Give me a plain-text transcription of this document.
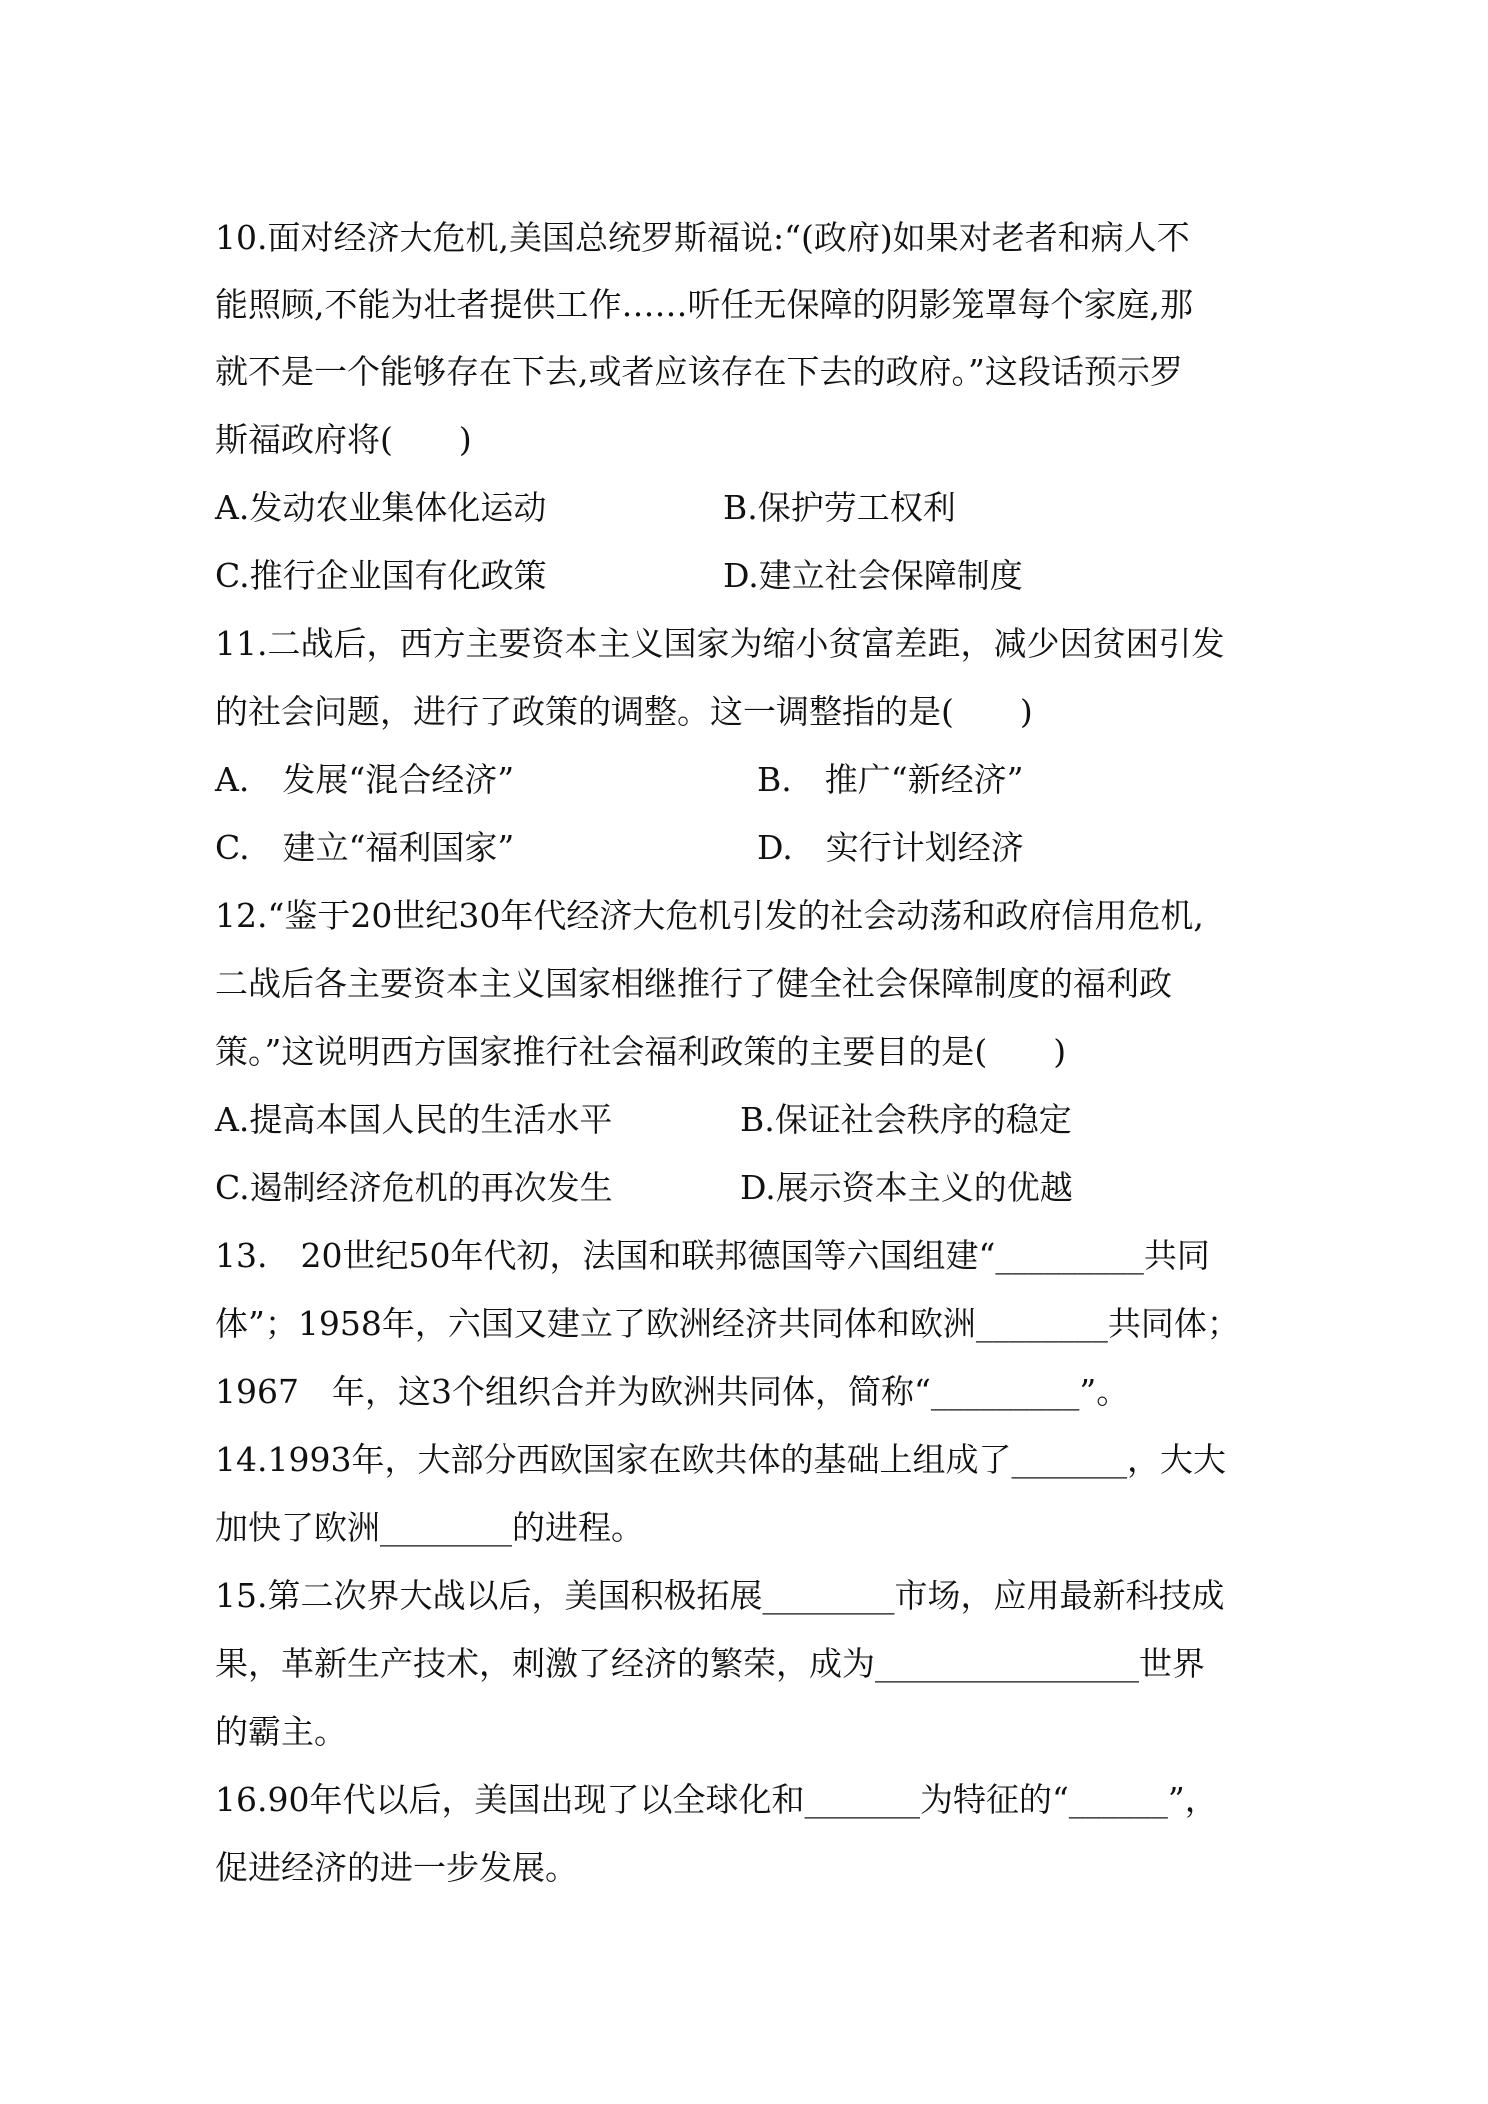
10.面对经济大危机,美国总统罗斯福说:“(政府)如果对老者和病人不
能照顾,不能为壮者提供工作……听任无保障的阴影笼罩每个家庭,那
就不是一个能够存在下去,或者应该存在下去的政府。”这段话预示罗
斯福政府将(　　)
A.发动农业集体化运动	B.保护劳工权利
C.推行企业国有化政策	D.建立社会保障制度
11.二战后，西方主要资本主义国家为缩小贫富差距，减少因贫困引发
的社会问题，进行了政策的调整。这一调整指的是(　　)
A.　发展“混合经济”	B.　推广“新经济”
C.　建立“福利国家”	D.　实行计划经济
12.“鉴于20世纪30年代经济大危机引发的社会动荡和政府信用危机,
二战后各主要资本主义国家相继推行了健全社会保障制度的福利政
策。”这说明西方国家推行社会福利政策的主要目的是(　　)
A.提高本国人民的生活水平	B.保证社会秩序的稳定
C.遏制经济危机的再次发生	D.展示资本主义的优越
13.　20世纪50年代初，法国和联邦德国等六国组建“_________共同
体”；1958年，六国又建立了欧洲经济共同体和欧洲________共同体；
1967　年，这3个组织合并为欧洲共同体，简称“_________”。
14.1993年，大部分西欧国家在欧共体的基础上组成了_______，大大
加快了欧洲________的进程。
15.第二次界大战以后，美国积极拓展________市场，应用最新科技成
果，革新生产技术，刺激了经济的繁荣，成为________________世界
的霸主。
16.90年代以后，美国出现了以全球化和_______为特征的“______”，
促进经济的进一步发展。
